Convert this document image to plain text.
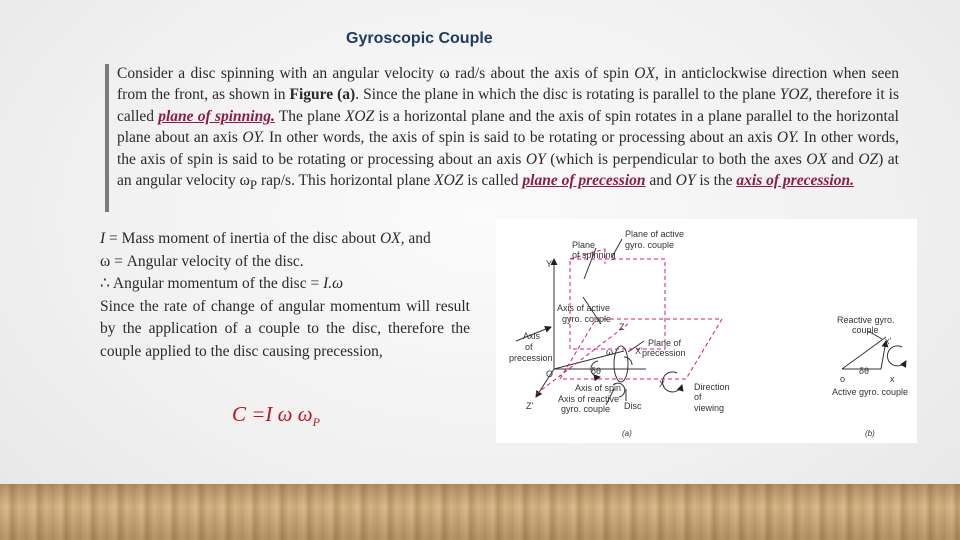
Gyroscopic Couple
Consider a disc spinning with an angular velocity ω rad/s about the axis of spin OX, in anticlockwise direction when seen from the front, as shown in Figure (a). Since the plane in which the disc is rotating is parallel to the plane YOZ, therefore it is called plane of spinning. The plane XOZ is a horizontal plane and the axis of spin rotates in a plane parallel to the horizontal plane about an axis OY. In other words, the axis of spin is said to be rotating or processing about an axis OY. In other words, the axis of spin is said to be rotating or processing about an axis OY (which is perpendicular to both the axes OX and OZ) at an angular velocity $\omega_P$ rap/s. This horizontal plane XOZ is called plane of precession and OY is the axis of precession.
I = Mass moment of inertia of the disc about OX, and
ω = Angular velocity of the disc.
∴ Angular momentum of the disc = I.ω
Since the rate of change of angular momentum will result by the application of a couple to the disc, therefore the couple applied to the disc causing precession,
C =I ω $\omega_P$
Plane
of spinning
Plane of active
gyro. couple
Y
Axis of active
gyro. couple
Z
Axis
of
precession
Plane of
precession
X′
ω
O	δθ
X	Direction
of
viewing
Axis of spin
Axis of reactive
gyro. couple
Z′	Disc
(a)
Reactive gyro.
couple
x′
δθ
o	x
Active gyro. couple
(b)
